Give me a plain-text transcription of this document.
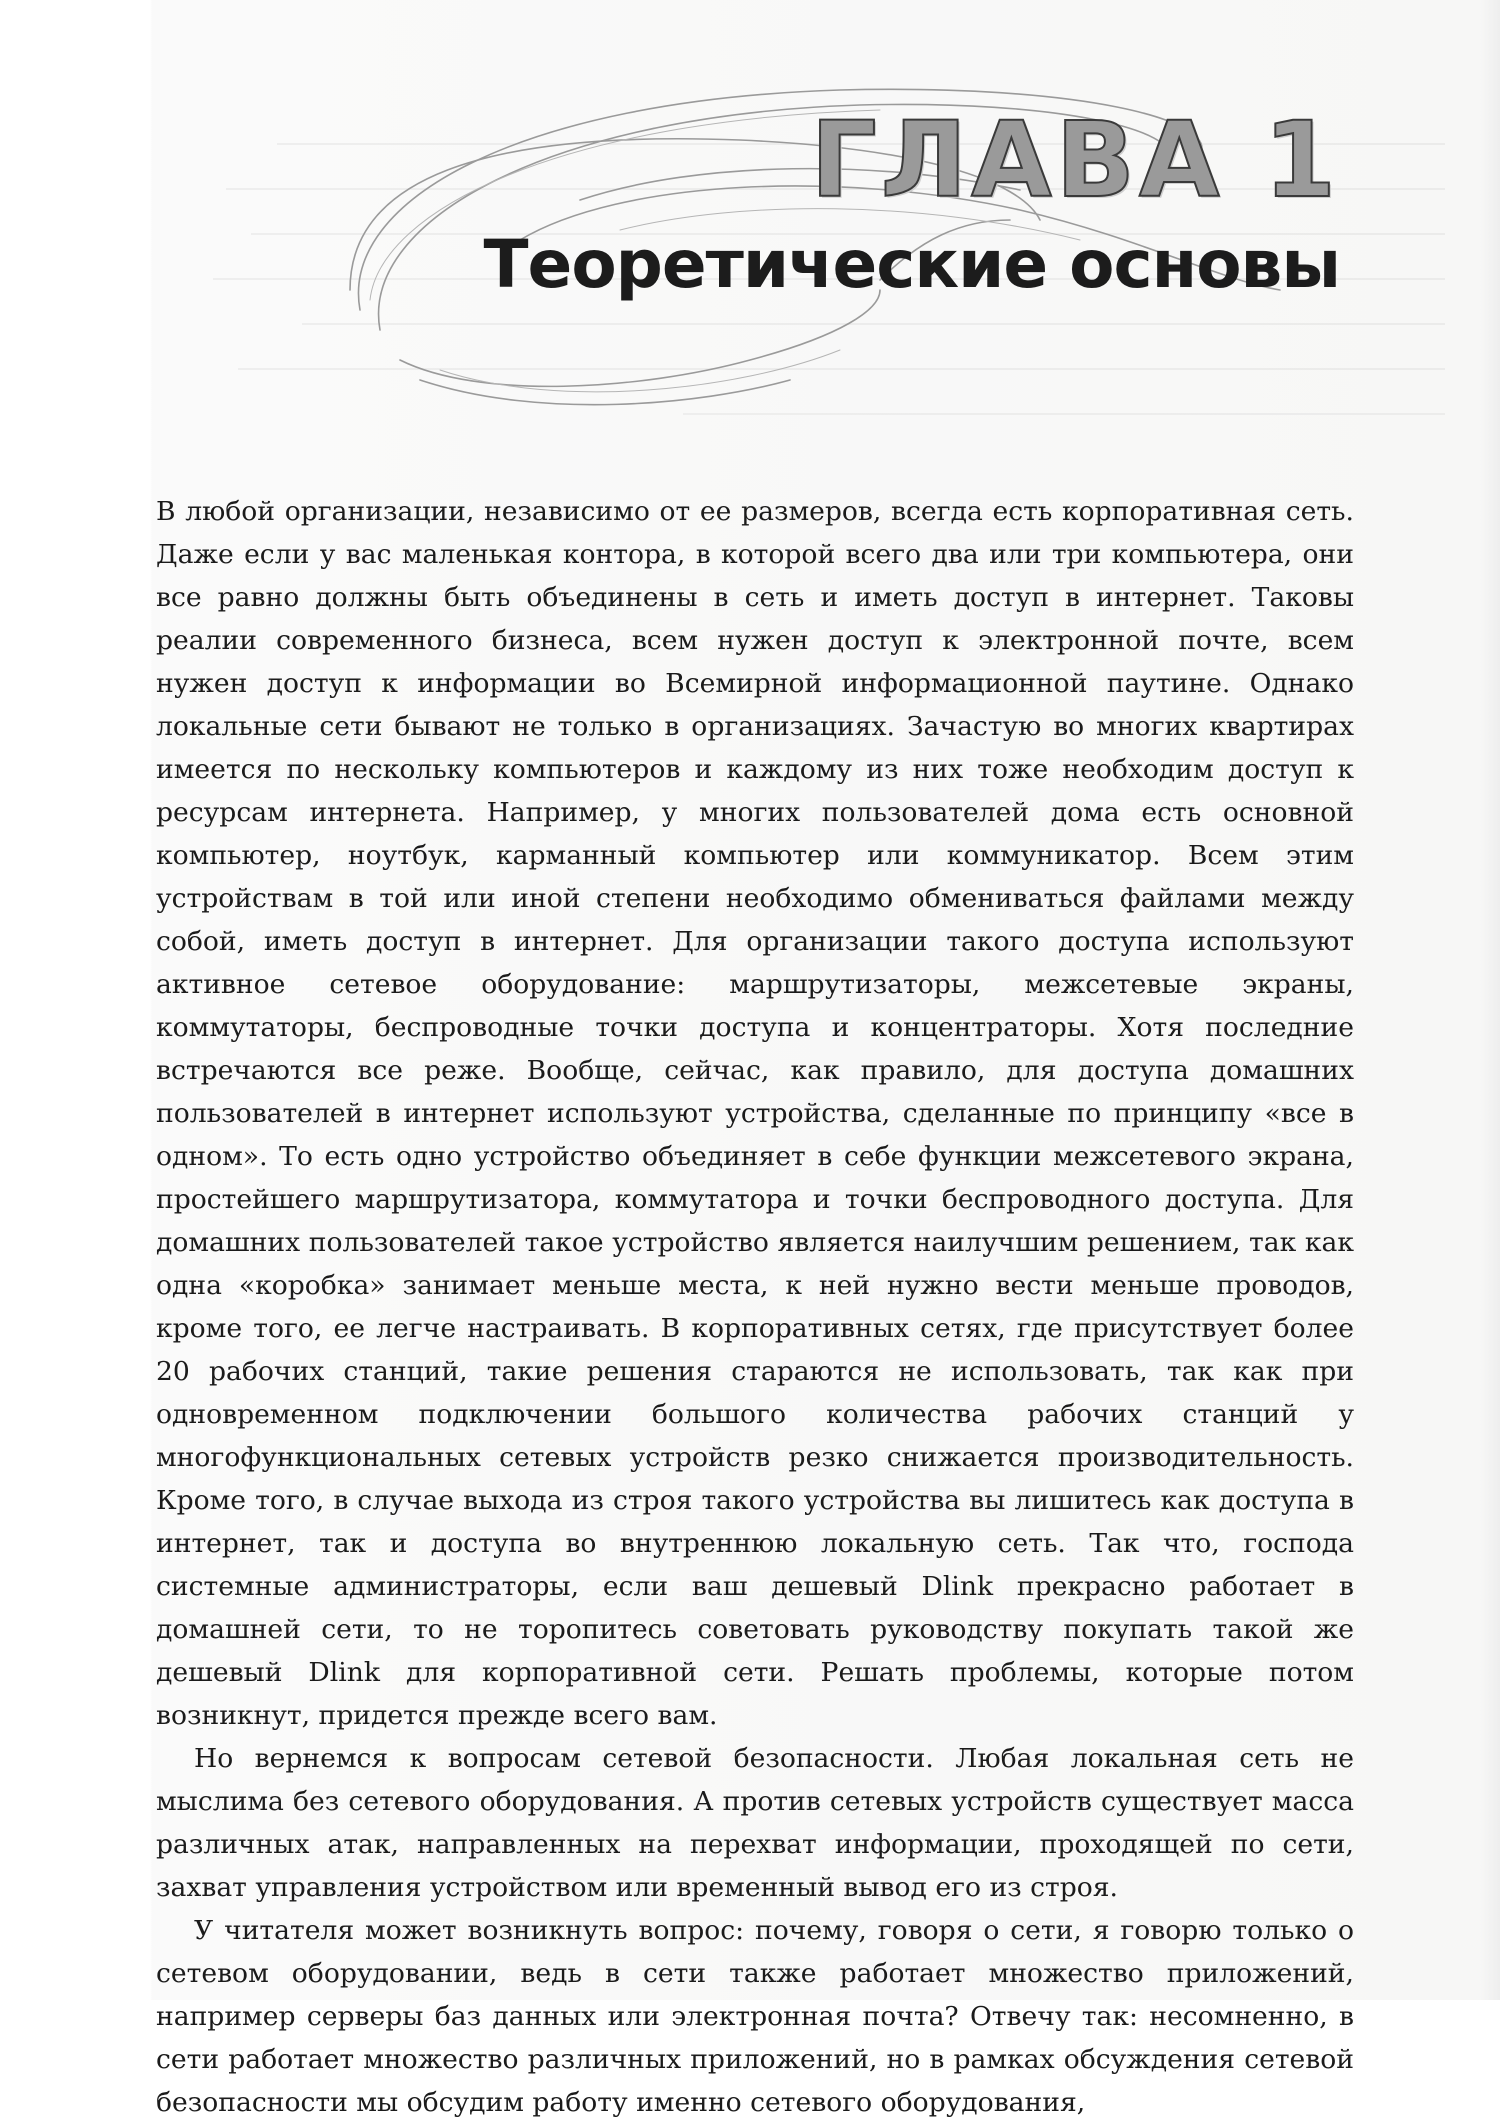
ГЛАВА 1
Теоретические основы

В любой организации, независимо от ее размеров, всегда есть корпоративная сеть. Даже если у вас маленькая контора, в которой всего два или три компьютера, они все равно должны быть объединены в сеть и иметь доступ в интернет. Таковы реалии современного бизнеса, всем нужен доступ к электронной почте, всем нужен доступ к информации во Всемирной информационной паутине. Однако локальные сети бывают не только в организациях. Зачастую во многих квартирах имеется по нескольку компьютеров и каждому из них тоже необходим доступ к ресурсам интернета. Например, у многих пользователей дома есть основной компьютер, ноутбук, карманный компьютер или коммуникатор. Всем этим устройствам в той или иной степени необходимо обмениваться файлами между собой, иметь доступ в интернет. Для организации такого доступа используют активное сетевое оборудование: маршрутизаторы, межсетевые экраны, коммутаторы, беспроводные точки доступа и концентраторы. Хотя последние встречаются все реже. Вообще, сейчас, как правило, для доступа домашних пользователей в интернет используют устройства, сделанные по принципу «все в одном». То есть одно устройство объединяет в себе функции межсетевого экрана, простейшего маршрутизатора, коммутатора и точки беспроводного доступа. Для домашних пользователей такое устройство является наилучшим решением, так как одна «коробка» занимает меньше места, к ней нужно вести меньше проводов, кроме того, ее легче настраивать. В корпоративных сетях, где присутствует более 20 рабочих станций, такие решения стараются не использовать, так как при одновременном подключении большого количества рабочих станций у многофункциональных сетевых устройств резко снижается производительность. Кроме того, в случае выхода из строя такого устройства вы лишитесь как доступа в интернет, так и доступа во внутреннюю локальную сеть. Так что, господа системные администраторы, если ваш дешевый Dlink прекрасно работает в домашней сети, то не торопитесь советовать руководству покупать такой же дешевый Dlink для корпоративной сети. Решать проблемы, которые потом возникнут, придется прежде всего вам.

Но вернемся к вопросам сетевой безопасности. Любая локальная сеть не мыслима без сетевого оборудования. А против сетевых устройств существует масса различных атак, направленных на перехват информации, проходящей по сети, захват управления устройством или временный вывод его из строя.

У читателя может возникнуть вопрос: почему, говоря о сети, я говорю только о сетевом оборудовании, ведь в сети также работает множество приложений, например серверы баз данных или электронная почта? Отвечу так: несомненно, в сети работает множество различных приложений, но в рамках обсуждения сетевой безопасности мы обсудим работу именно сетевого оборудования,
